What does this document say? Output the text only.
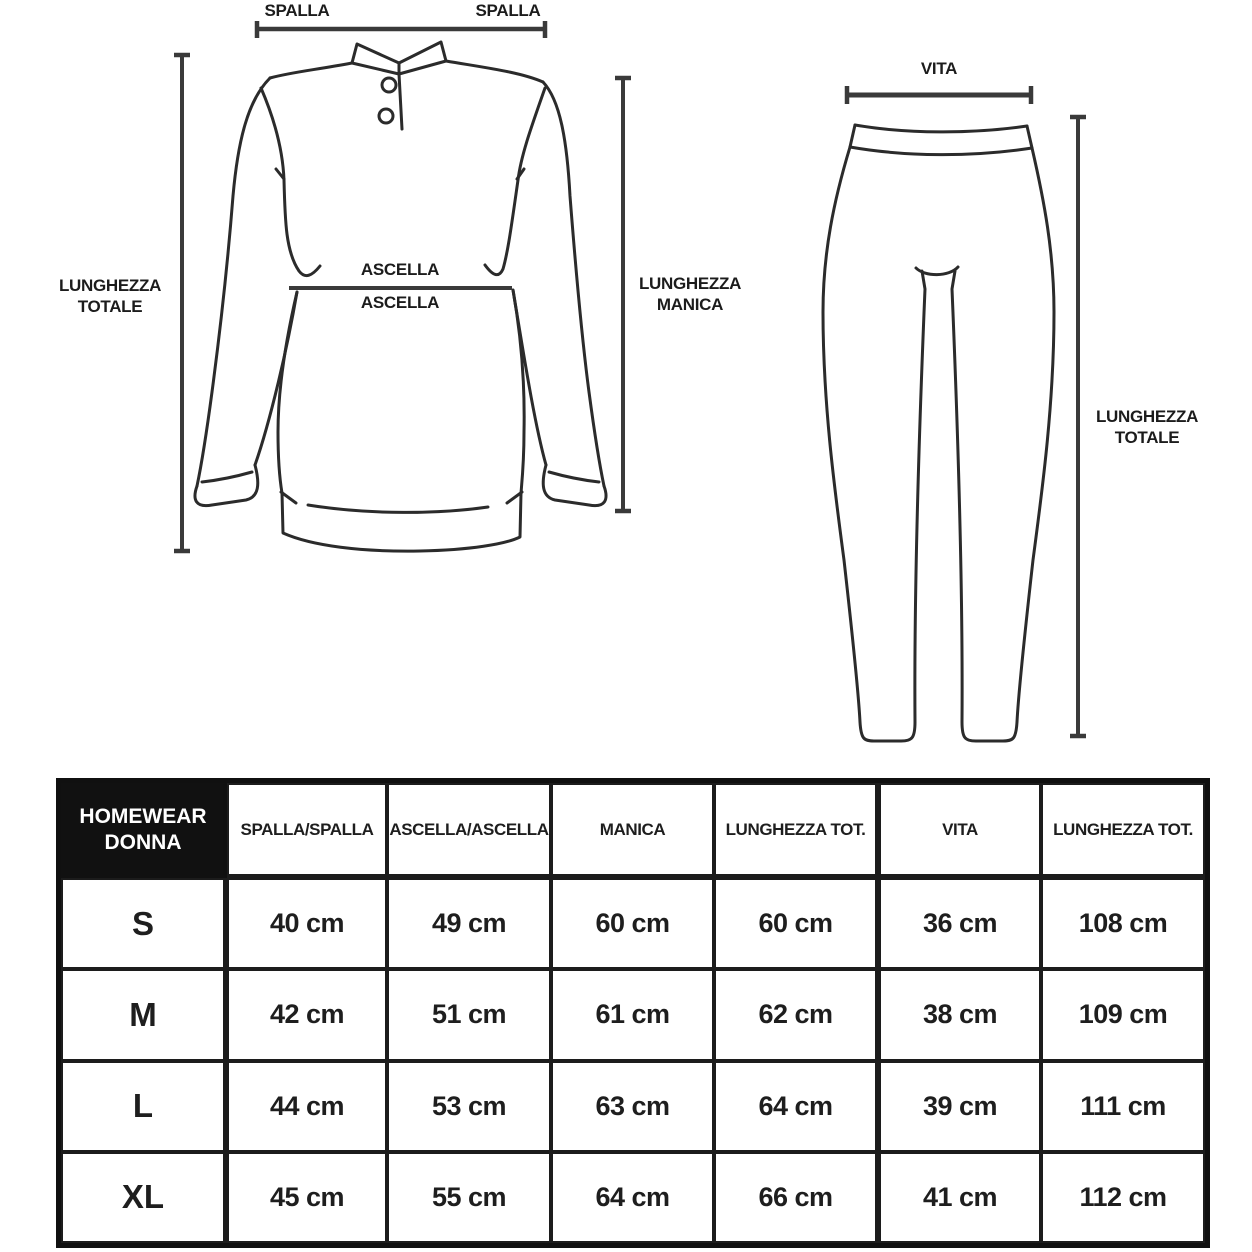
SPALLA	SPALLA
LUNGHEZZA
TOTALE
ASCELLA
ASCELLA
LUNGHEZZA
MANICA
VITA
LUNGHEZZA
TOTALE
HOMEWEAR
DONNA	SPALLA/SPALLA	ASCELLA/ASCELLA	MANICA	LUNGHEZZA TOT.	VITA	LUNGHEZZA TOT.
S	40 cm	49 cm	60 cm	60 cm	36 cm	108 cm
M	42 cm	51 cm	61 cm	62 cm	38 cm	109 cm
L	44 cm	53 cm	63 cm	64 cm	39 cm	111 cm
XL	45 cm	55 cm	64 cm	66 cm	41 cm	112 cm
